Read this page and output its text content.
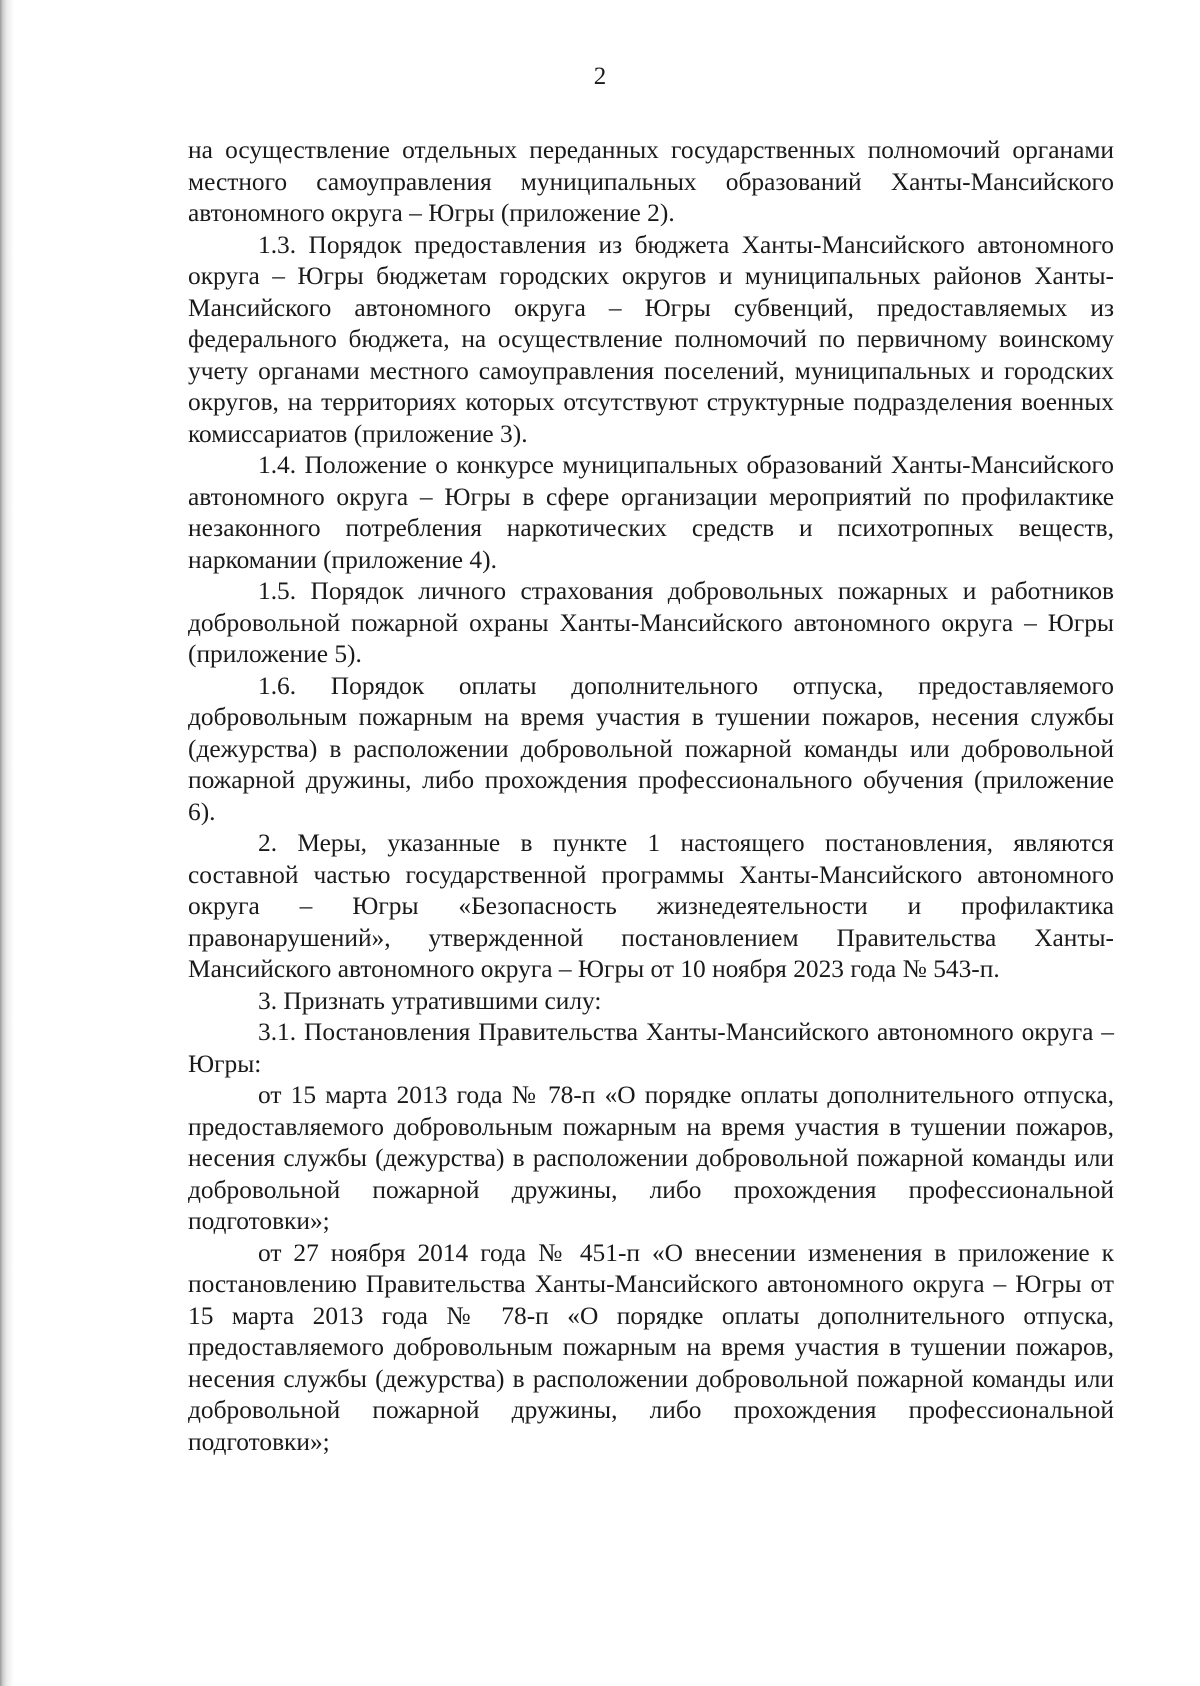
2

на осуществление отдельных переданных государственных полномочий органами местного самоуправления муниципальных образований Ханты-Мансийского автономного округа – Югры (приложение 2).

1.3. Порядок предоставления из бюджета Ханты-Мансийского автономного округа – Югры бюджетам городских округов и муниципальных районов Ханты-Мансийского автономного округа – Югры субвенций, предоставляемых из федерального бюджета, на осуществление полномочий по первичному воинскому учету органами местного самоуправления поселений, муниципальных и городских округов, на территориях которых отсутствуют структурные подразделения военных комиссариатов (приложение 3).

1.4. Положение о конкурсе муниципальных образований Ханты-Мансийского автономного округа – Югры в сфере организации мероприятий по профилактике незаконного потребления наркотических средств и психотропных веществ, наркомании (приложение 4).

1.5. Порядок личного страхования добровольных пожарных и работников добровольной пожарной охраны Ханты-Мансийского автономного округа – Югры (приложение 5).

1.6. Порядок оплаты дополнительного отпуска, предоставляемого добровольным пожарным на время участия в тушении пожаров, несения службы (дежурства) в расположении добровольной пожарной команды или добровольной пожарной дружины, либо прохождения профессионального обучения (приложение 6).

2. Меры, указанные в пункте 1 настоящего постановления, являются составной частью государственной программы Ханты-Мансийского автономного округа – Югры «Безопасность жизнедеятельности и профилактика правонарушений», утвержденной постановлением Правительства Ханты-Мансийского автономного округа – Югры от 10 ноября 2023 года № 543-п.

3. Признать утратившими силу:

3.1. Постановления Правительства Ханты-Мансийского автономного округа – Югры:

от 15 марта 2013 года № 78-п «О порядке оплаты дополнительного отпуска, предоставляемого добровольным пожарным на время участия в тушении пожаров, несения службы (дежурства) в расположении добровольной пожарной команды или добровольной пожарной дружины, либо прохождения профессиональной подготовки»;

от 27 ноября 2014 года № 451-п «О внесении изменения в приложение к постановлению Правительства Ханты-Мансийского автономного округа – Югры от 15 марта 2013 года № 78-п «О порядке оплаты дополнительного отпуска, предоставляемого добровольным пожарным на время участия в тушении пожаров, несения службы (дежурства) в расположении добровольной пожарной команды или добровольной пожарной дружины, либо прохождения профессиональной подготовки»;
